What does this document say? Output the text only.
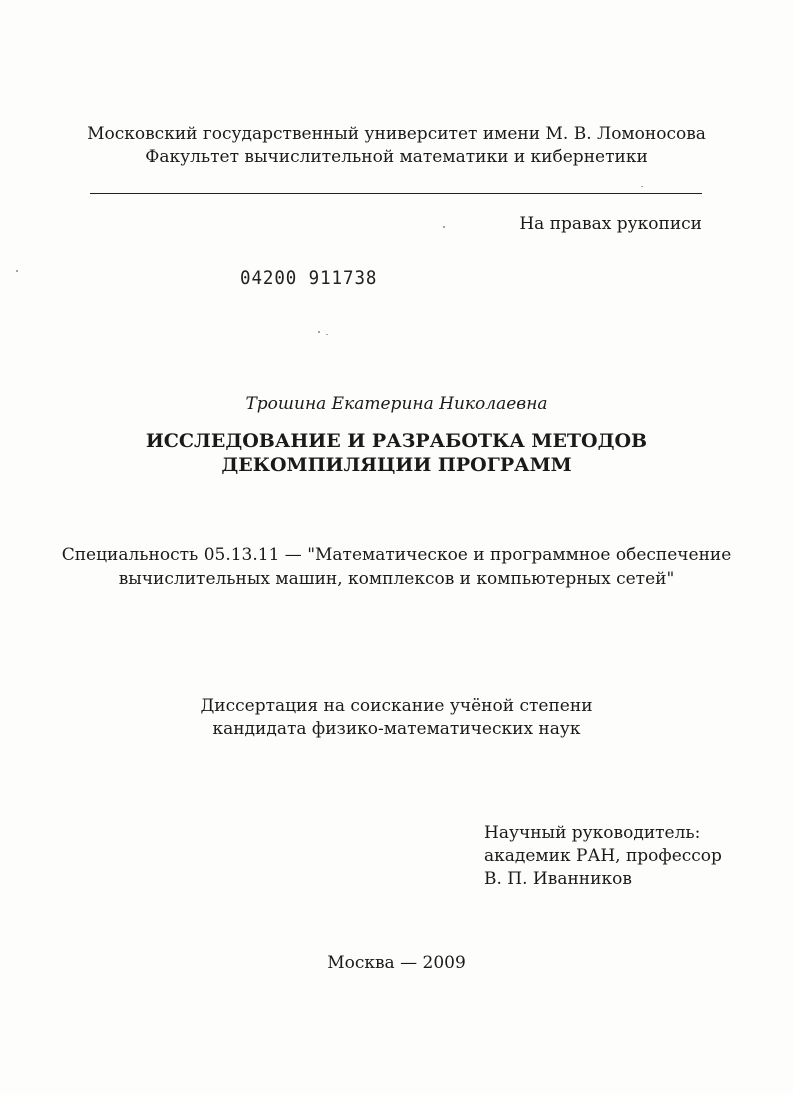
Московский государственный университет имени М. В. Ломоносова
Факультет вычислительной математики и кибернетики
На правах рукописи
04200 911738
Трошина Екатерина Николаевна
ИССЛЕДОВАНИЕ И РАЗРАБОТКА МЕТОДОВ
ДЕКОМПИЛЯЦИИ ПРОГРАММ
Специальность 05.13.11 — "Математическое и программное обеспечение
вычислительных машин, комплексов и компьютерных сетей"
Диссертация на соискание учёной степени
кандидата физико-математических наук
Научный руководитель:
академик РАН, профессор
В. П. Иванников
Москва — 2009
